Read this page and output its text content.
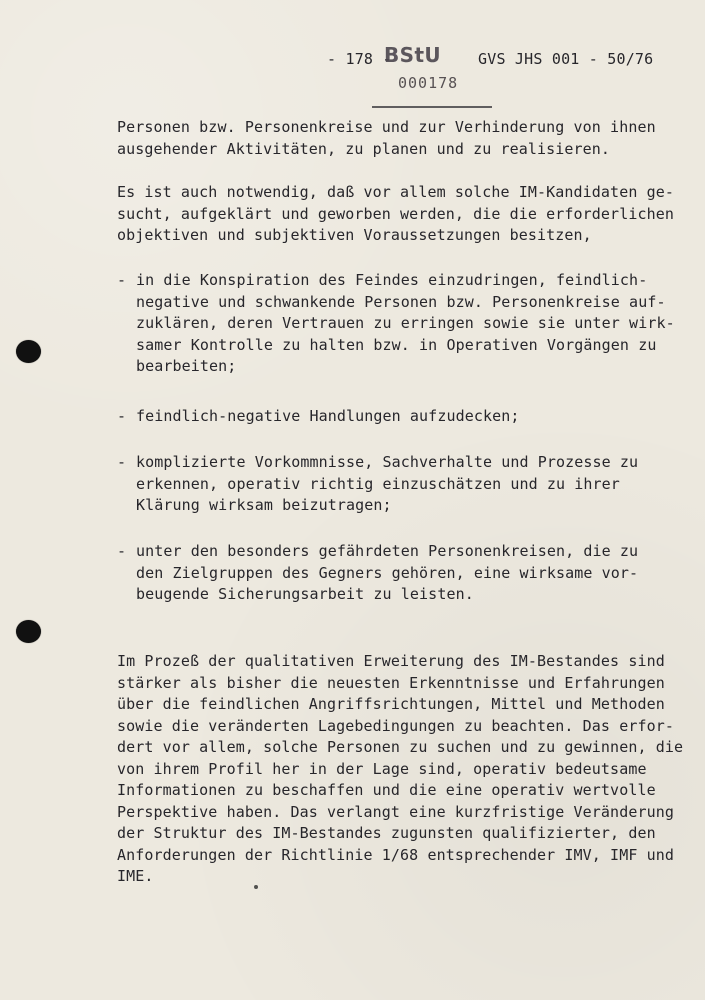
- 178 -
BStU
000178
GVS JHS 001 - 50/76
Personen bzw. Personenkreise und zur Verhinderung von ihnen
ausgehender Aktivitäten, zu planen und zu realisieren.
Es ist auch notwendig, daß vor allem solche IM-Kandidaten ge-
sucht, aufgeklärt und geworben werden, die die erforderlichen
objektiven und subjektiven Voraussetzungen besitzen,
- in die Konspiration des Feindes einzudringen, feindlich-
negative und schwankende Personen bzw. Personenkreise auf-
zuklären, deren Vertrauen zu erringen sowie sie unter wirk-
samer Kontrolle zu halten bzw. in Operativen Vorgängen zu
bearbeiten;
- feindlich-negative Handlungen aufzudecken;
- komplizierte Vorkommnisse, Sachverhalte und Prozesse zu
erkennen, operativ richtig einzuschätzen und zu ihrer
Klärung wirksam beizutragen;
- unter den besonders gefährdeten Personenkreisen, die zu
den Zielgruppen des Gegners gehören, eine wirksame vor-
beugende Sicherungsarbeit zu leisten.
Im Prozeß der qualitativen Erweiterung des IM-Bestandes sind
stärker als bisher die neuesten Erkenntnisse und Erfahrungen
über die feindlichen Angriffsrichtungen, Mittel und Methoden
sowie die veränderten Lagebedingungen zu beachten. Das erfor-
dert vor allem, solche Personen zu suchen und zu gewinnen, die
von ihrem Profil her in der Lage sind, operativ bedeutsame
Informationen zu beschaffen und die eine operativ wertvolle
Perspektive haben. Das verlangt eine kurzfristige Veränderung
der Struktur des IM-Bestandes zugunsten qualifizierter, den
Anforderungen der Richtlinie 1/68 entsprechender IMV, IMF und
IME.
